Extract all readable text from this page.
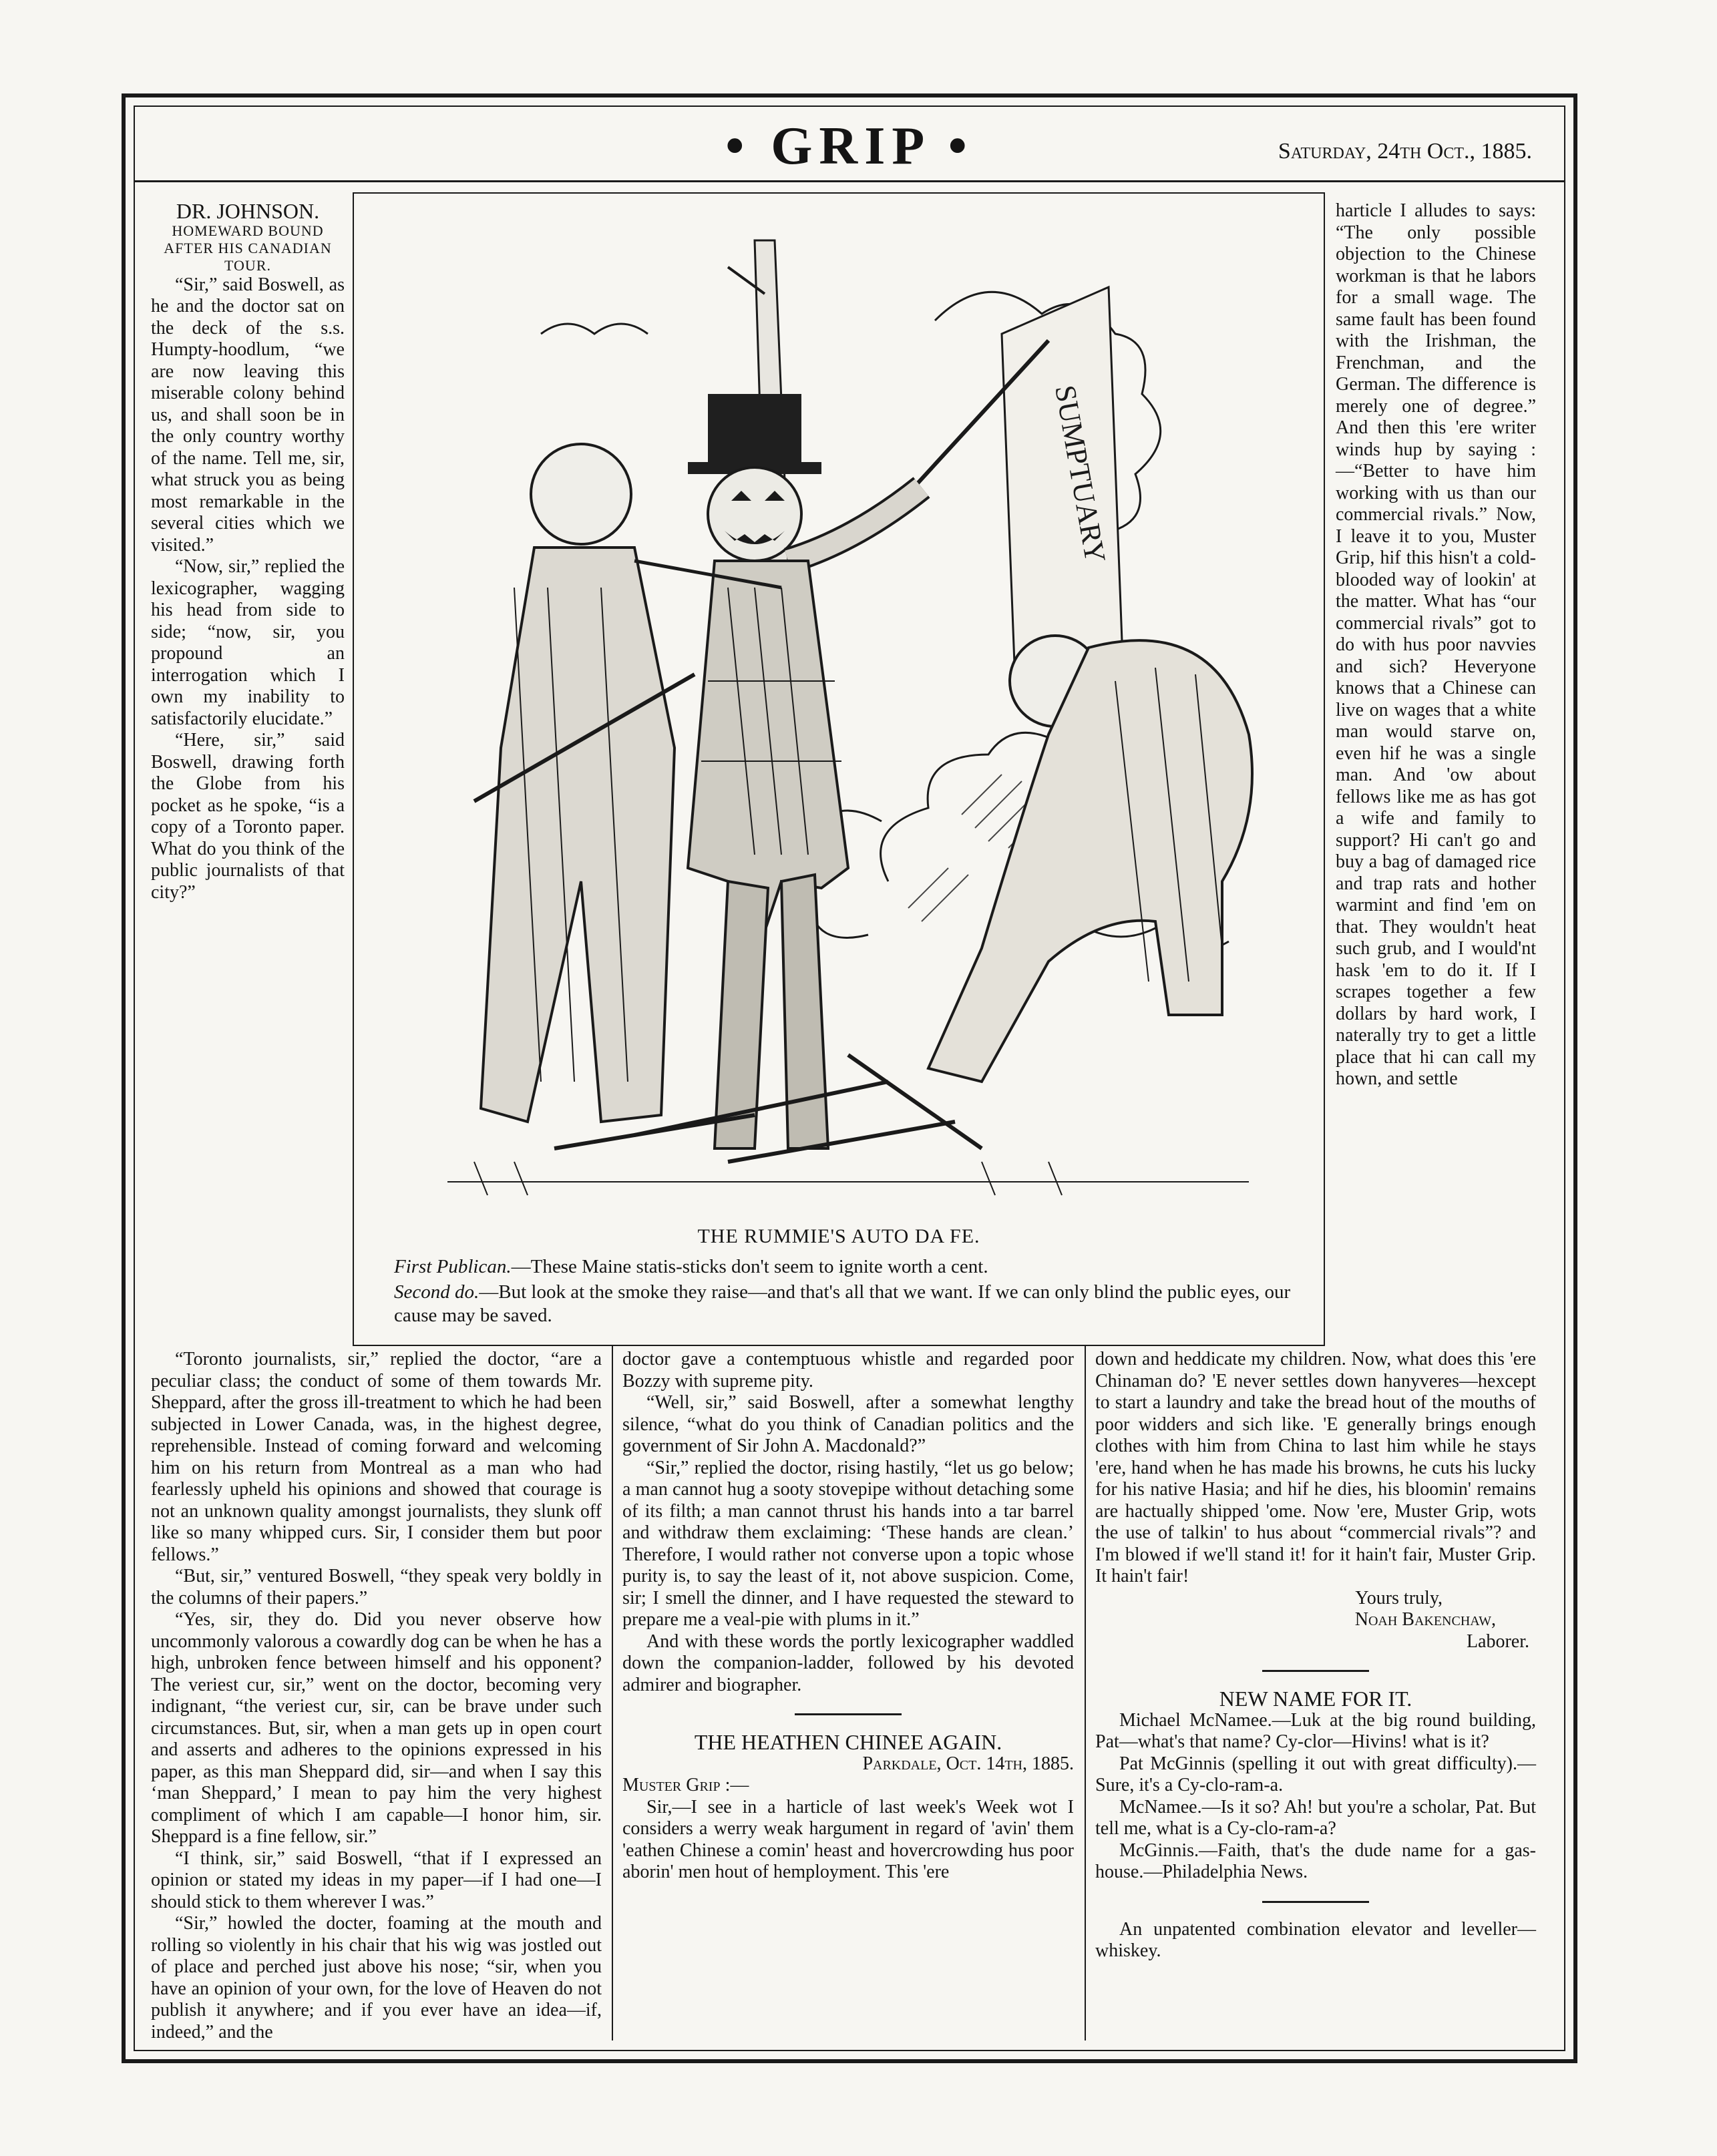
• GRIP •	Saturday, 24th Oct., 1885.
SUMPTUARY
THE RUMMIE'S AUTO DA FE.
First Publican.—These Maine statis-sticks don't seem to ignite worth a cent.
Second do.—But look at the smoke they raise—and that's all that we want. If we can only blind the public eyes, our cause may be saved.

DR. JOHNSON.

HOMEWARD BOUND AFTER HIS CANADIAN TOUR.

“Sir,” said Boswell, as he and the doctor sat on the deck of the s.s. Humpty-hoodlum, “we are now leaving this miserable colony behind us, and shall soon be in the only country worthy of the name. Tell me, sir, what struck you as being most remarkable in the several cities which we visited.”

“Now, sir,” replied the lexicographer, wagging his head from side to side; “now, sir, you propound an interrogation which I own my inability to satisfactorily elucidate.”

“Here, sir,” said Boswell, drawing forth the Globe from his pocket as he spoke, “is a copy of a Toronto paper. What do you think of the public journalists of that city?”

“Toronto journalists, sir,” replied the doctor, “are a peculiar class; the conduct of some of them towards Mr. Sheppard, after the gross ill-treatment to which he had been subjected in Lower Canada, was, in the highest degree, reprehensible. Instead of coming forward and welcoming him on his return from Montreal as a man who had fearlessly upheld his opinions and showed that courage is not an unknown quality amongst journalists, they slunk off like so many whipped curs. Sir, I consider them but poor fellows.”

“But, sir,” ventured Boswell, “they speak very boldly in the columns of their papers.”

“Yes, sir, they do. Did you never observe how uncommonly valorous a cowardly dog can be when he has a high, unbroken fence between himself and his opponent? The veriest cur, sir,” went on the doctor, becoming very indignant, “the veriest cur, sir, can be brave under such circumstances. But, sir, when a man gets up in open court and asserts and adheres to the opinions expressed in his paper, as this man Sheppard did, sir—and when I say this ‘man Sheppard,’ I mean to pay him the very highest compliment of which I am capable—I honor him, sir. Sheppard is a fine fellow, sir.”

“I think, sir,” said Boswell, “that if I expressed an opinion or stated my ideas in my paper—if I had one—I should stick to them wherever I was.”

“Sir,” howled the docter, foaming at the mouth and rolling so violently in his chair that his wig was jostled out of place and perched just above his nose; “sir, when you have an opinion of your own, for the love of Heaven do not publish it anywhere; and if you ever have an idea—if, indeed,” and the

doctor gave a contemptuous whistle and regarded poor Bozzy with supreme pity.

“Well, sir,” said Boswell, after a somewhat lengthy silence, “what do you think of Canadian politics and the government of Sir John A. Macdonald?”

“Sir,” replied the doctor, rising hastily, “let us go below; a man cannot hug a sooty stovepipe without detaching some of its filth; a man cannot thrust his hands into a tar barrel and withdraw them exclaiming: ‘These hands are clean.’ Therefore, I would rather not converse upon a topic whose purity is, to say the least of it, not above suspicion. Come, sir; I smell the dinner, and I have requested the steward to prepare me a veal-pie with plums in it.”

And with these words the portly lexicographer waddled down the companion-ladder, followed by his devoted admirer and biographer.

THE HEATHEN CHINEE AGAIN.

Parkdale, Oct. 14th, 1885.

Muster Grip :—

Sir,—I see in a harticle of last week's Week wot I considers a werry weak hargument in regard of 'avin' them 'eathen Chinese a comin' heast and hovercrowding hus poor aborin' men hout of hemployment. This 'ere

harticle I alludes to says: “The only possible objection to the Chinese workman is that he labors for a small wage. The same fault has been found with the Irishman, the Frenchman, and the German. The difference is merely one of degree.” And then this 'ere writer winds hup by saying :—“Better to have him working with us than our commercial rivals.” Now, I leave it to you, Muster Grip, hif this hisn't a cold-blooded way of lookin' at the matter. What has “our commercial rivals” got to do with hus poor navvies and sich? Heveryone knows that a Chinese can live on wages that a white man would starve on, even hif he was a single man. And 'ow about fellows like me as has got a wife and family to support? Hi can't go and buy a bag of damaged rice and trap rats and hother warmint and find 'em on that. They wouldn't heat such grub, and I would'nt hask 'em to do it. If I scrapes together a few dollars by hard work, I naterally try to get a little place that hi can call my hown, and settle

down and heddicate my children. Now, what does this 'ere Chinaman do? 'E never settles down hanyveres—hexcept to start a laundry and take the bread hout of the mouths of poor widders and sich like. 'E generally brings enough clothes with him from China to last him while he stays 'ere, hand when he has made his browns, he cuts his lucky for his native Hasia; and hif he dies, his bloomin' remains are hactually shipped 'ome. Now 'ere, Muster Grip, wots the use of talkin' to hus about “commercial rivals”? and I'm blowed if we'll stand it! for it hain't fair, Muster Grip. It hain't fair!

Yours truly,

Noah Bakenchaw,

Laborer.

NEW NAME FOR IT.

Michael McNamee.—Luk at the big round building, Pat—what's that name? Cy-clor—Hivins! what is it?

Pat McGinnis (spelling it out with great difficulty).—Sure, it's a Cy-clo-ram-a.

McNamee.—Is it so? Ah! but you're a scholar, Pat. But tell me, what is a Cy-clo-ram-a?

McGinnis.—Faith, that's the dude name for a gas-house.—Philadelphia News.

An unpatented combination elevator and leveller—whiskey.
